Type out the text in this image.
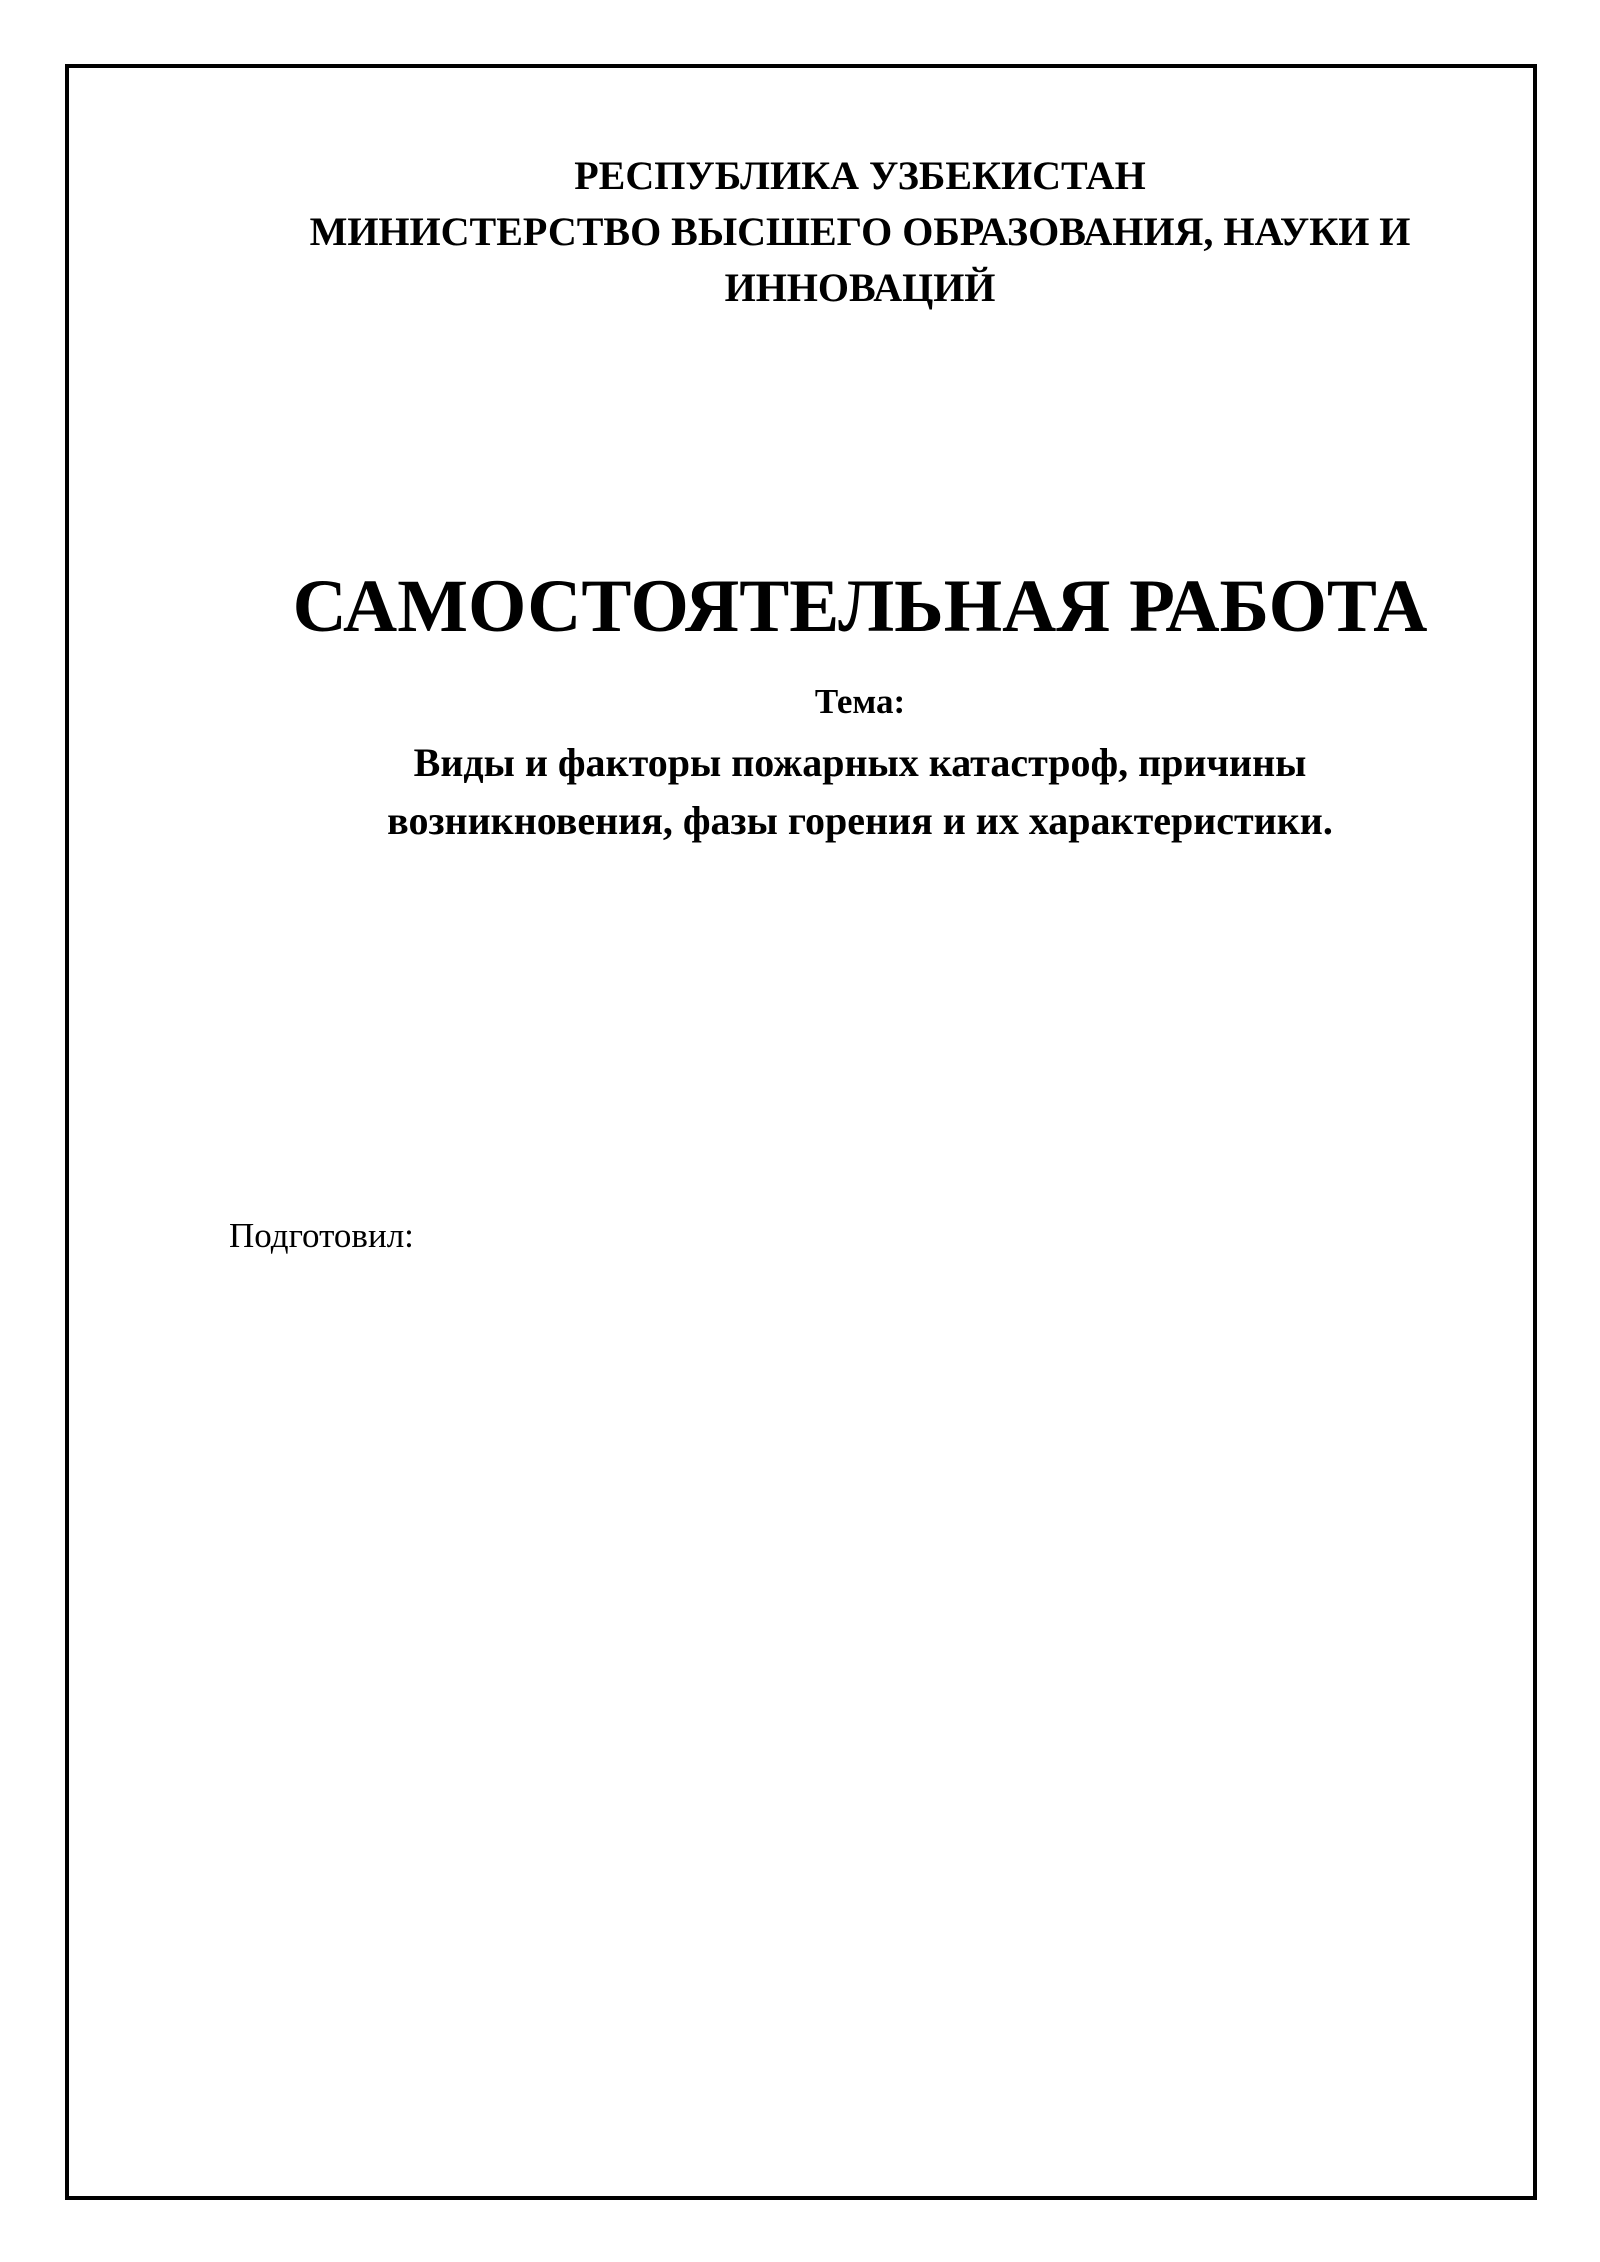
РЕСПУБЛИКА УЗБЕКИСТАН
МИНИСТЕРСТВО ВЫСШЕГО ОБРАЗОВАНИЯ, НАУКИ И ИННОВАЦИЙ
САМОСТОЯТЕЛЬНАЯ РАБОТА
Тема:
Виды и факторы пожарных катастроф, причины возникновения, фазы горения и их характеристики.
Подготовил:
